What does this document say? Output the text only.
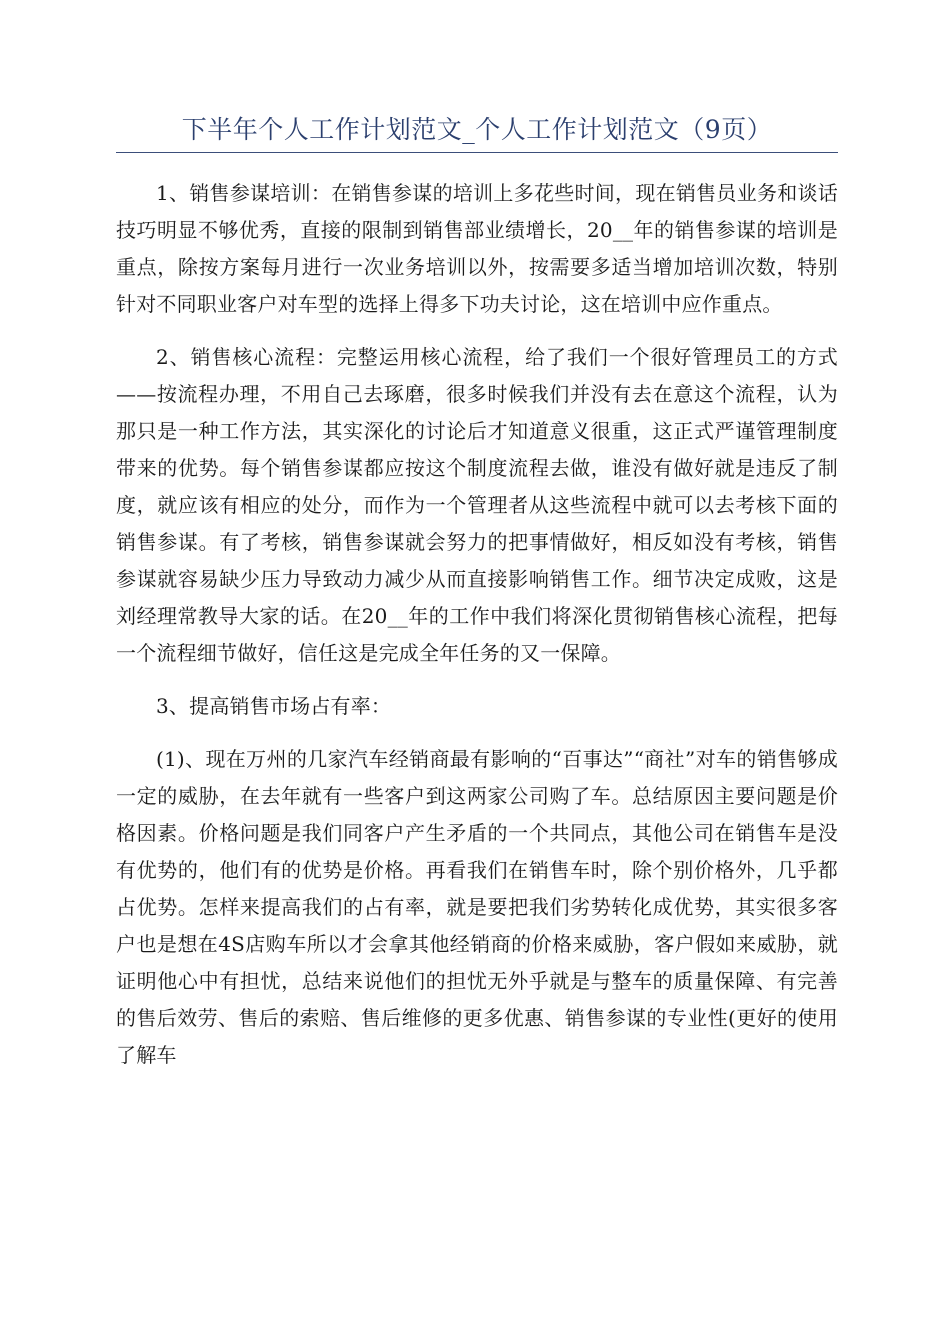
下半年个人工作计划范文_个人工作计划范文（9页）

1、销售参谋培训：在销售参谋的培训上多花些时间，现在销售员业务和谈话技巧明显不够优秀，直接的限制到销售部业绩增长，20__年的销售参谋的培训是重点，除按方案每月进行一次业务培训以外，按需要多适当增加培训次数，特别针对不同职业客户对车型的选择上得多下功夫讨论，这在培训中应作重点。

2、销售核心流程：完整运用核心流程，给了我们一个很好管理员工的方式——按流程办理，不用自己去琢磨，很多时候我们并没有去在意这个流程，认为那只是一种工作方法，其实深化的讨论后才知道意义很重，这正式严谨管理制度带来的优势。每个销售参谋都应按这个制度流程去做，谁没有做好就是违反了制度，就应该有相应的处分，而作为一个管理者从这些流程中就可以去考核下面的销售参谋。有了考核，销售参谋就会努力的把事情做好，相反如没有考核，销售参谋就容易缺少压力导致动力减少从而直接影响销售工作。细节决定成败，这是刘经理常教导大家的话。在20__年的工作中我们将深化贯彻销售核心流程，把每一个流程细节做好，信任这是完成全年任务的又一保障。

3、提高销售市场占有率：

(1)、现在万州的几家汽车经销商最有影响的“百事达”“商社”对车的销售够成一定的威胁，在去年就有一些客户到这两家公司购了车。总结原因主要问题是价格因素。价格问题是我们同客户产生矛盾的一个共同点，其他公司在销售车是没有优势的，他们有的优势是价格。再看我们在销售车时，除个别价格外，几乎都占优势。怎样来提高我们的占有率，就是要把我们劣势转化成优势，其实很多客户也是想在4S店购车所以才会拿其他经销商的价格来威胁，客户假如来威胁，就证明他心中有担忧，总结来说他们的担忧无外乎就是与整车的质量保障、有完善的售后效劳、售后的索赔、售后维修的更多优惠、销售参谋的专业性(更好的使用了解车
